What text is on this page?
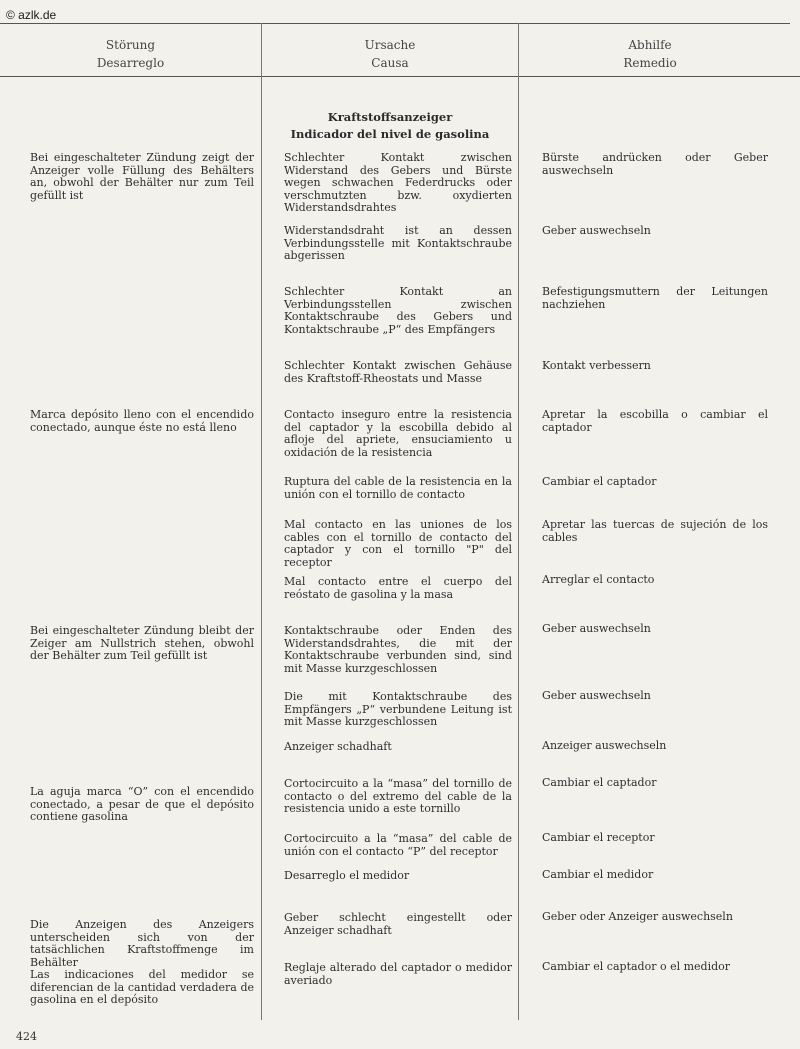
© azlk.de
Störung
Desarreglo
Ursache
Causa
Abhilfe
Remedio
Kraftstoffsanzeiger
Indicador del nivel de gasolina

Bei eingeschalteter Zündung zeigt der Anzeiger volle Füllung des Behälters an, obwohl der Behälter nur zum Teil gefüllt ist

Marca depósito lleno con el encendido conectado, aunque éste no está lleno

Bei eingeschalteter Zündung bleibt der Zeiger am Nullstrich stehen, obwohl der Behälter zum Teil gefüllt ist

La aguja marca “O” con el encendido conectado, a pesar de que el depósito contiene gasolina

Die Anzeigen des Anzeigers unterscheiden sich von der tatsächlichen Kraftstoffmenge im Behälter

Las indicaciones del medidor se diferencian de la cantidad verdadera de gasolina en el depósito

Schlechter Kontakt zwischen Widerstand des Gebers und Bürste wegen schwachen Federdrucks oder verschmutzten bzw. oxydierten Widerstandsdrahtes

Widerstandsdraht ist an dessen Verbindungsstelle mit Kontaktschraube abgerissen

Schlechter Kontakt an Verbindungsstellen zwischen Kontaktschraube des Gebers und Kontaktschraube „P“ des Empfängers

Schlechter Kontakt zwischen Gehäuse des Kraftstoff-Rheostats und Masse

Contacto inseguro entre la resistencia del captador y la escobilla debido al afloje del apriete, ensuciamiento u oxidación de la resistencia

Ruptura del cable de la resistencia en la unión con el tornillo de contacto

Mal contacto en las uniones de los cables con el tornillo de contacto del captador y con el tornillo "P" del receptor

Mal contacto entre el cuerpo del reóstato de gasolina y la masa

Kontaktschraube oder Enden des Widerstandsdrahtes, die mit der Kontaktschraube verbunden sind, sind mit Masse kurzgeschlossen

Die mit Kontaktschraube des Empfängers „P“ verbundene Leitung ist mit Masse kurzgeschlossen

Anzeiger schadhaft

Cortocircuito a la “masa” del tornillo de contacto o del extremo del cable de la resistencia unido a este tornillo

Cortocircuito a la “masa” del cable de unión con el contacto “P” del receptor

Desarreglo el medidor

Geber schlecht eingestellt oder Anzeiger schadhaft

Reglaje alterado del captador o medidor averiado

Bürste andrücken oder Geber auswechseln

Geber auswechseln

Befestigungsmuttern der Leitungen nachziehen

Kontakt verbessern

Apretar la escobilla o cambiar el captador

Cambiar el captador

Apretar las tuercas de sujeción de los cables

Arreglar el contacto

Geber auswechseln

Geber auswechseln

Anzeiger auswechseln

Cambiar el captador

Cambiar el receptor

Cambiar el medidor

Geber oder Anzeiger auswechseln

Cambiar el captador o el medidor

424
